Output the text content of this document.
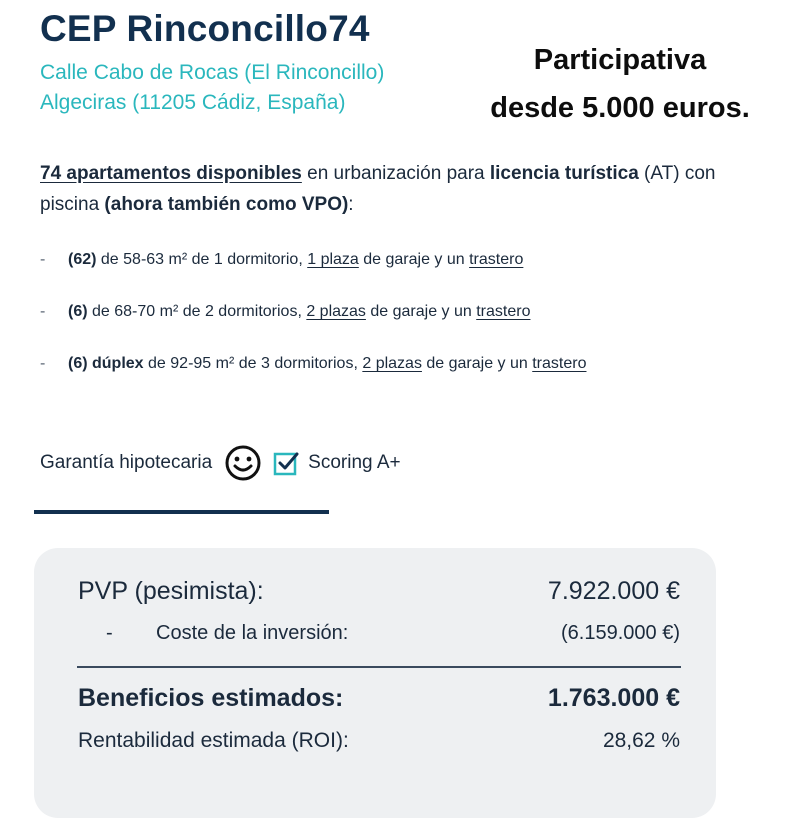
CEP Rinconcillo74
Calle Cabo de Rocas (El Rinconcillo)
Algeciras (11205 Cádiz, España)
Participativa
desde 5.000 euros.
74 apartamentos disponibles en urbanización para licencia turística (AT) con piscina (ahora también como VPO):
- (62) de 58-63 m² de 1 dormitorio, 1 plaza de garaje y un trastero
- (6) de 68-70 m² de 2 dormitorios, 2 plazas de garaje y un trastero
- (6) dúplex de 92-95 m² de 3 dormitorios, 2 plazas de garaje y un trastero
Garantía hipotecaria	Scoring A+
PVP (pesimista):	7.922.000 €
- Coste de la inversión:	(6.159.000 €)
Beneficios estimados:	1.763.000 €
Rentabilidad estimada (ROI):	28,62 %
